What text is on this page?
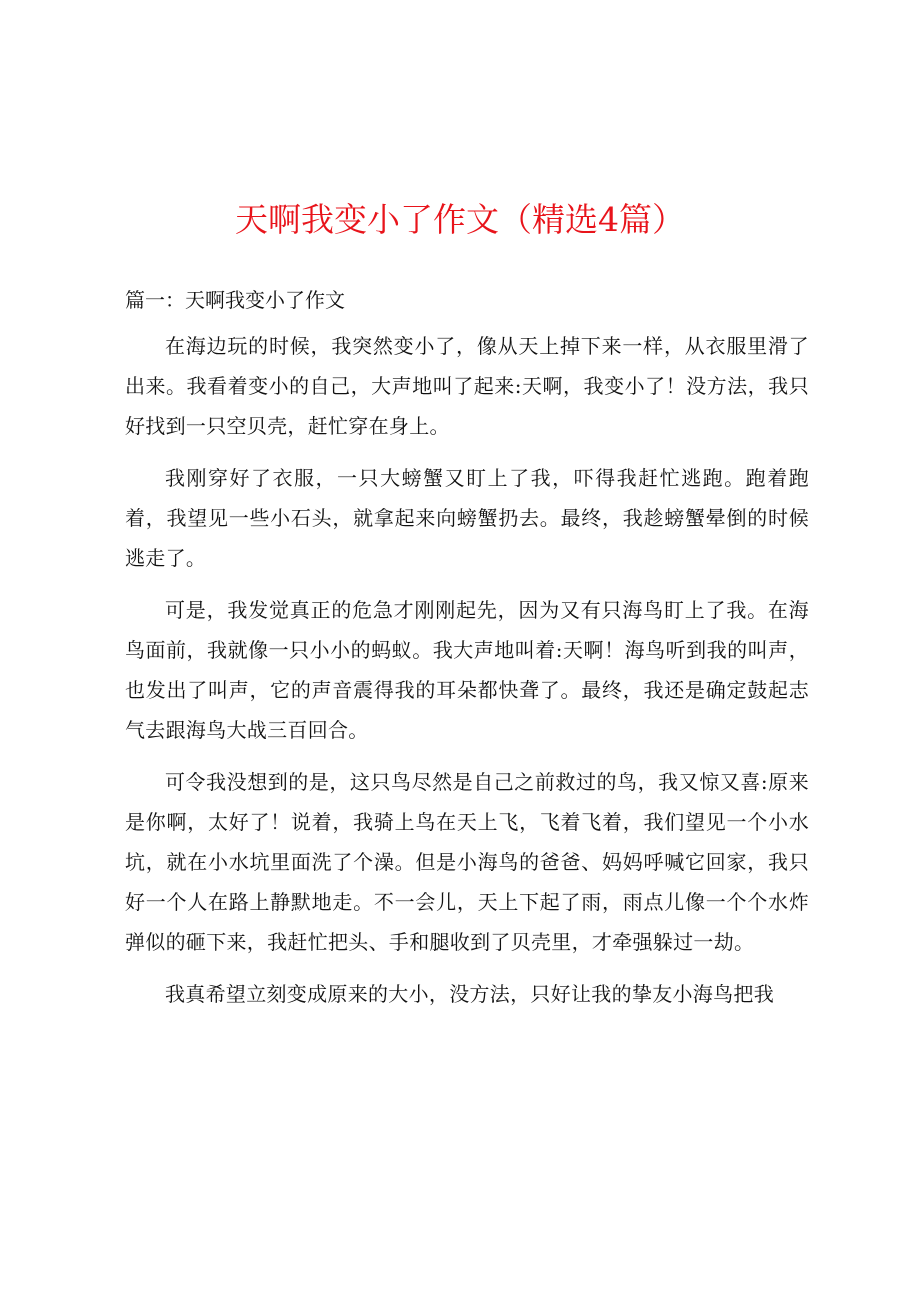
天啊我变小了作文（精选4篇）
篇一：天啊我变小了作文

在海边玩的时候，我突然变小了，像从天上掉下来一样，从衣服里滑了出来。我看着变小的自己，大声地叫了起来:天啊，我变小了！没方法，我只好找到一只空贝壳，赶忙穿在身上。

我刚穿好了衣服，一只大螃蟹又盯上了我，吓得我赶忙逃跑。跑着跑着，我望见一些小石头，就拿起来向螃蟹扔去。最终，我趁螃蟹晕倒的时候逃走了。

可是，我发觉真正的危急才刚刚起先，因为又有只海鸟盯上了我。在海鸟面前，我就像一只小小的蚂蚁。我大声地叫着:天啊！海鸟听到我的叫声，也发出了叫声，它的声音震得我的耳朵都快聋了。最终，我还是确定鼓起志气去跟海鸟大战三百回合。

可令我没想到的是，这只鸟尽然是自己之前救过的鸟，我又惊又喜:原来是你啊，太好了！说着，我骑上鸟在天上飞，飞着飞着，我们望见一个小水坑，就在小水坑里面洗了个澡。但是小海鸟的爸爸、妈妈呼喊它回家，我只好一个人在路上静默地走。不一会儿，天上下起了雨，雨点儿像一个个水炸弹似的砸下来，我赶忙把头、手和腿收到了贝壳里，才牵强躲过一劫。

我真希望立刻变成原来的大小，没方法，只好让我的挚友小海鸟把我
